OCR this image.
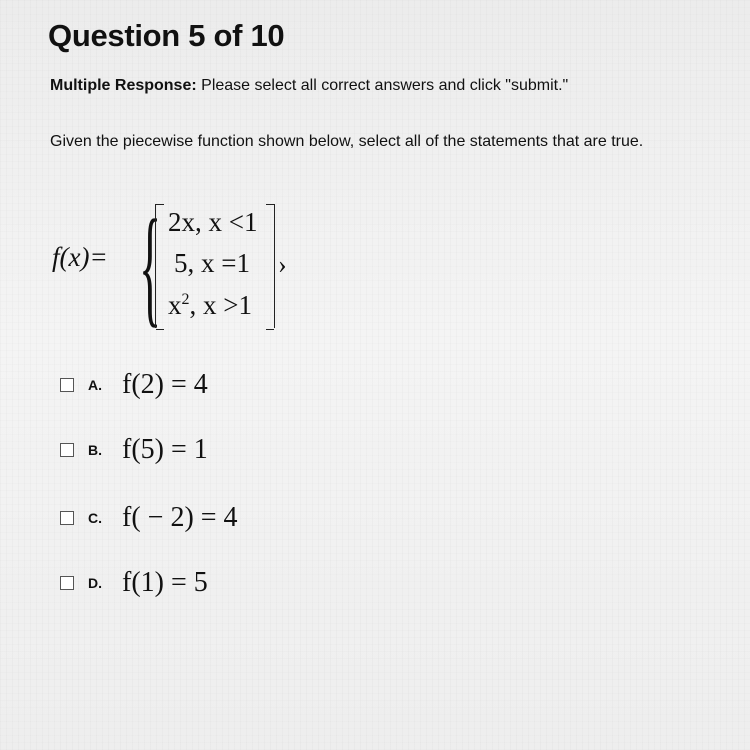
Question 5 of 10
Multiple Response: Please select all correct answers and click "submit."
Given the piecewise function shown below, select all of the statements that are true.
f(x)= { 2x, x <1
5, x =1
$x^2$, x >1
›
A. f(2) = 4
B. f(5) = 1
C. f( − 2) = 4
D. f(1) = 5
